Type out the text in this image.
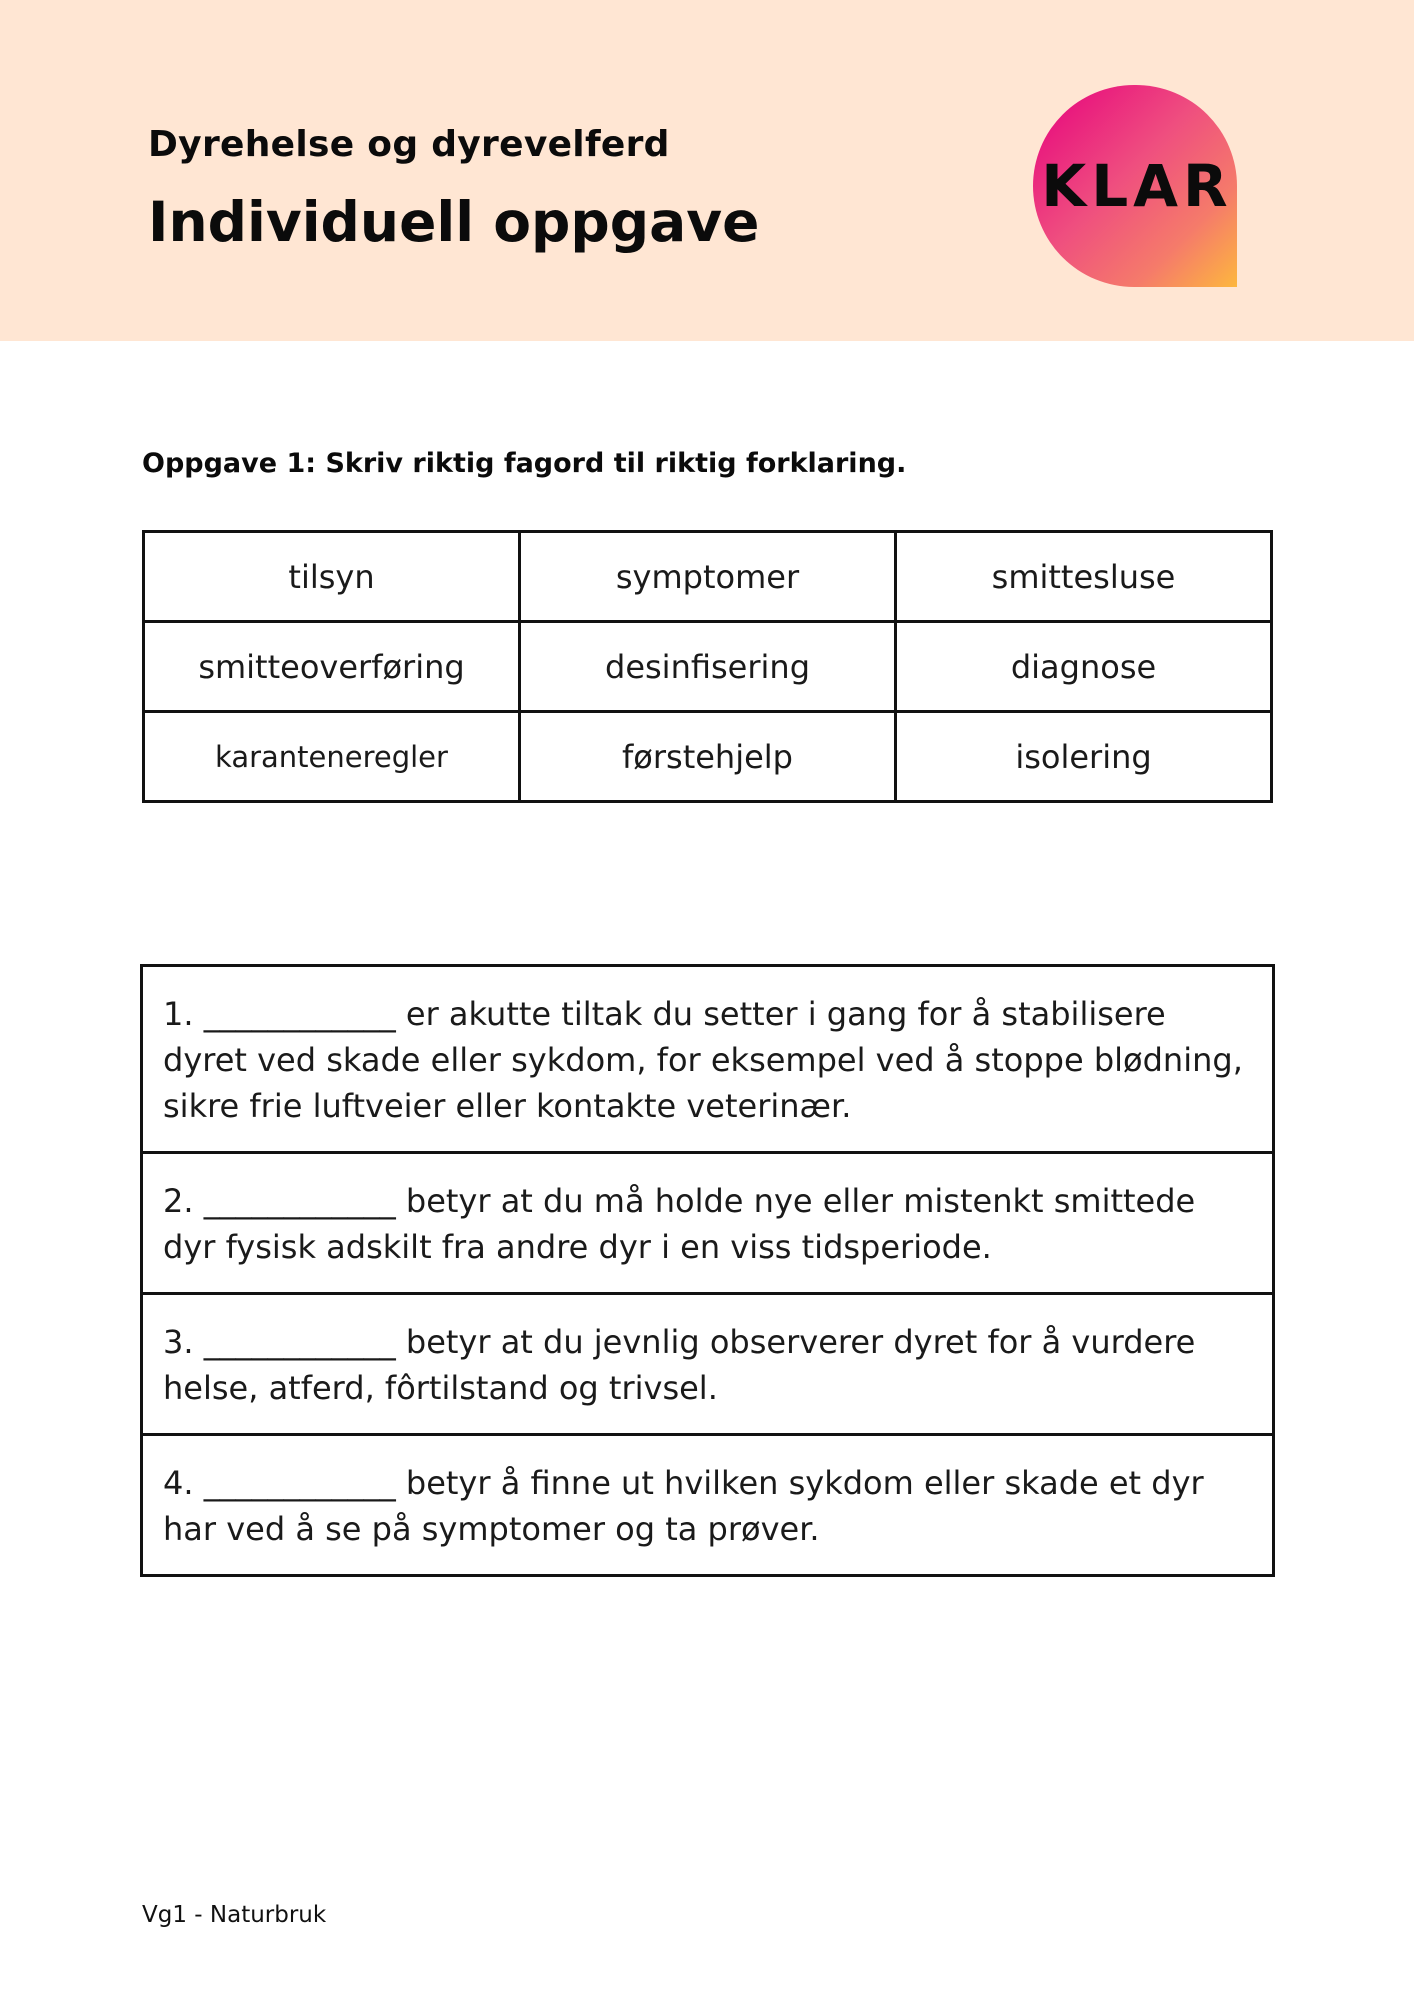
Dyrehelse og dyrevelferd
Individuell oppgave
KLAR
Oppgave 1: Skriv riktig fagord til riktig forklaring.
tilsyn	symptomer	smittesluse
smitteoverføring	desinfisering	diagnose
karanteneregler	førstehjelp	isolering
1. ____________ er akutte tiltak du setter i gang for å stabilisere dyret ved skade eller sykdom, for eksempel ved å stoppe blødning, sikre frie luftveier eller kontakte veterinær.
2. ____________ betyr at du må holde nye eller mistenkt smittede dyr fysisk adskilt fra andre dyr i en viss tidsperiode.
3. ____________ betyr at du jevnlig observerer dyret for å vurdere helse, atferd, fôrtilstand og trivsel.
4. ____________ betyr å finne ut hvilken sykdom eller skade et dyr har ved å se på symptomer og ta prøver.
Vg1 - Naturbruk
